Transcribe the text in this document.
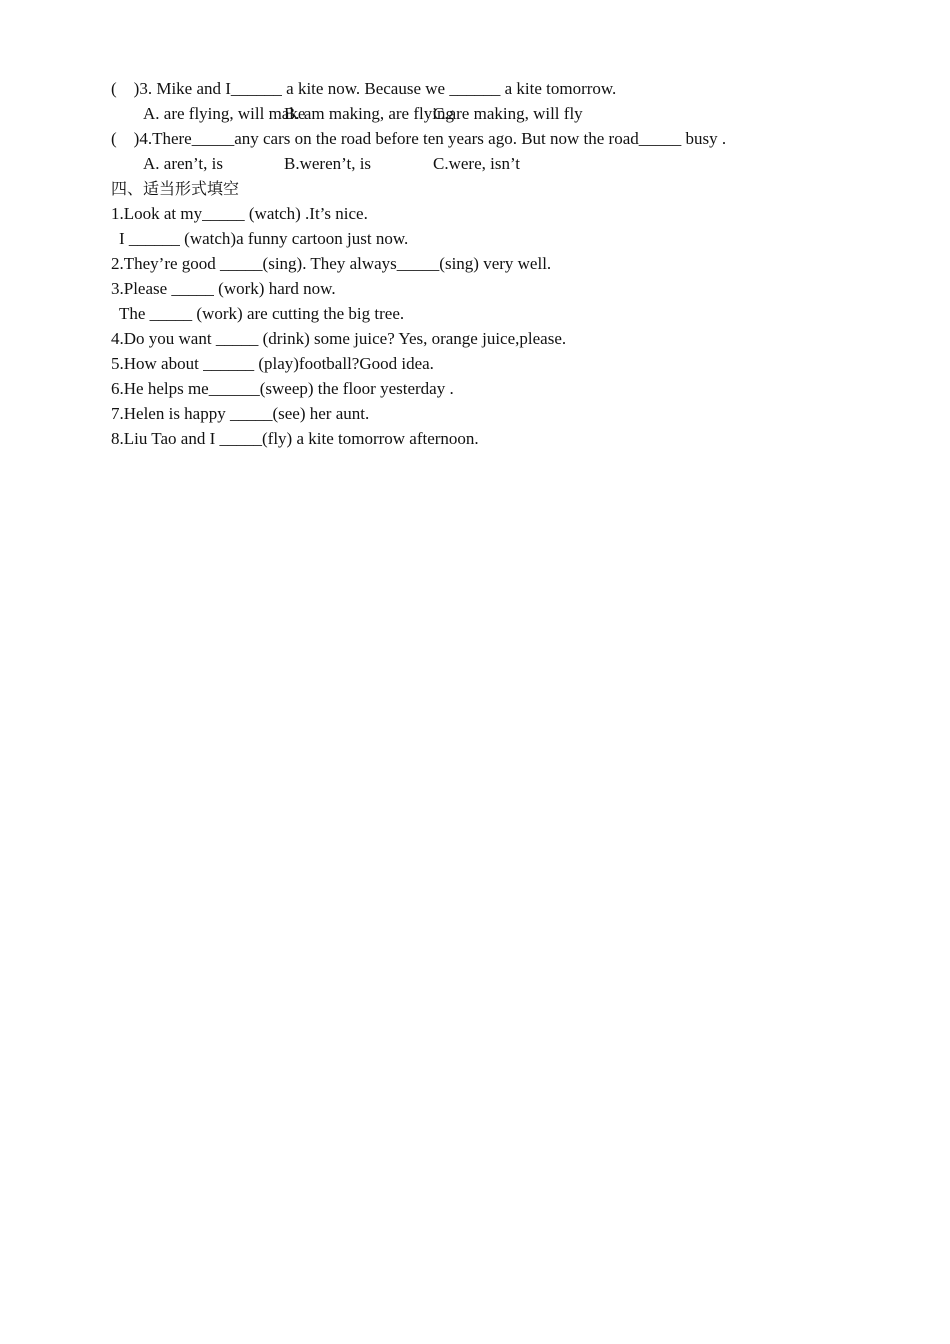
(    )3. Mike and I______ a kite now. Because we ______ a kite tomorrow.
A. are flying, will makeB. am making, are flyingC.are making, will fly
(    )4.There_____any cars on the road before ten years ago. But now the road_____ busy .
A. aren’t, is	B.weren’t, is	C.were, isn’t
四、适当形式填空
1.Look at my_____ (watch) .It’s nice.
I ______ (watch)a funny cartoon just now.
2.They’re good _____(sing). They always_____(sing) very well.
3.Please _____ (work) hard now.
The _____ (work) are cutting the big tree.
4.Do you want _____ (drink) some juice? Yes, orange juice,please.
5.How about ______ (play)football?Good idea.
6.He helps me______(sweep) the floor yesterday .
7.Helen is happy _____(see) her aunt.
8.Liu Tao and I _____(fly) a kite tomorrow afternoon.
